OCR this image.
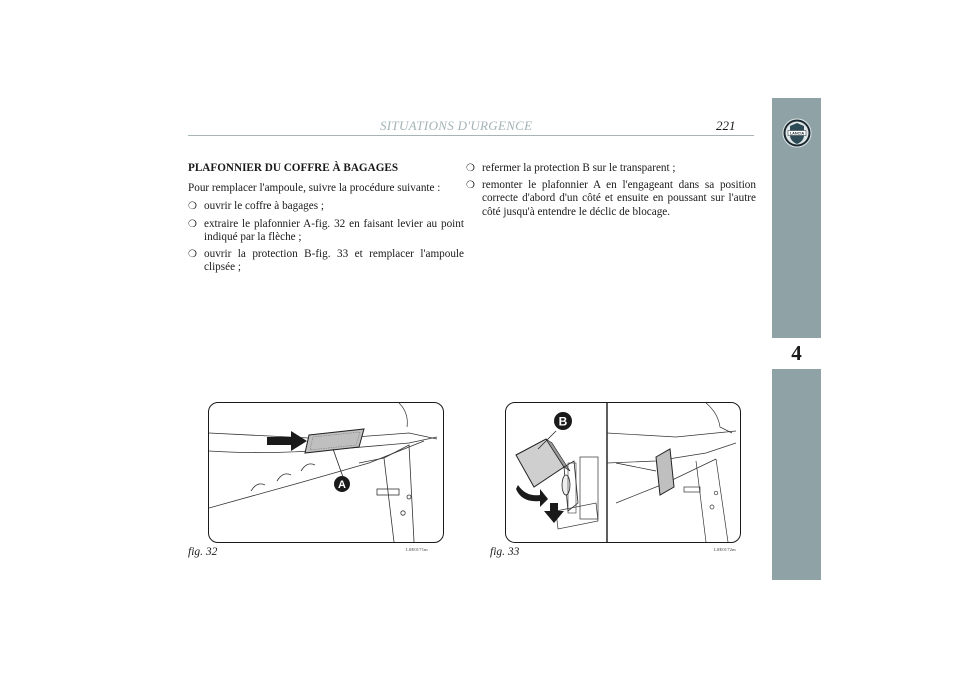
LANCIA
4
SITUATIONS D'URGENCE	221
PLAFONNIER DU COFFRE À BAGAGES
Pour remplacer l'ampoule, suivre la procédure suivante :
❍ ouvrir le coffre à bagages ;
❍ extraire le plafonnier A-fig. 32 en faisant levier au point indiqué par la flèche ;
❍ ouvrir la protection B-fig. 33 et remplacer l'ampoule clipsée ;
❍ refermer la protection B sur le transparent ;
❍ remonter le plafonnier A en l'engageant dans sa position correcte d'abord d'un côté et ensuite en poussant sur l'autre côté jusqu'à entendre le déclic de blocage.
A
fig. 32	L0E0171m
B
fig. 33	L0E0172m
